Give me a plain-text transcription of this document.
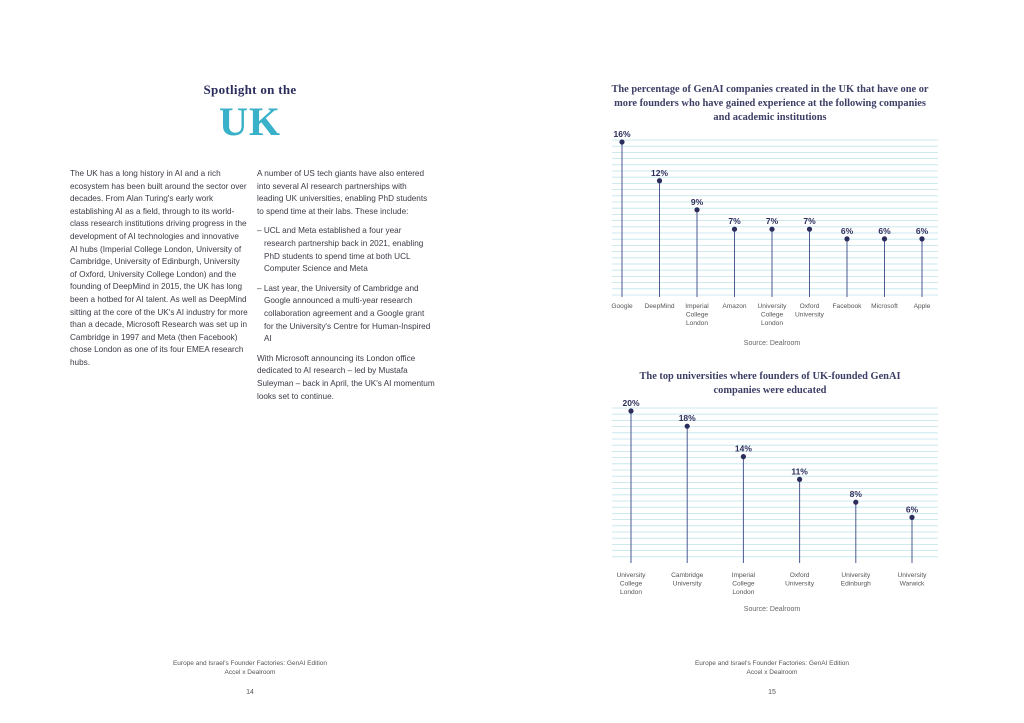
Spotlight on the
UK

The UK has a long history in AI and a rich ecosystem has been built around the sector over decades. From Alan Turing's early work establishing AI as a field, through to its world-class research institutions driving progress in the development of AI technologies and innovative AI hubs (Imperial College London, University of Cambridge, University of Edinburgh, University of Oxford, University College London) and the founding of DeepMind in 2015, the UK has long been a hotbed for AI talent. As well as DeepMind sitting at the core of the UK's AI industry for more than a decade, Microsoft Research was set up in Cambridge in 1997 and Meta (then Facebook) chose London as one of its four EMEA research hubs.

A number of US tech giants have also entered into several AI research partnerships with leading UK universities, enabling PhD students to spend time at their labs. These include:

– UCL and Meta established a four year research partnership back in 2021, enabling PhD students to spend time at both UCL Computer Science and Meta
– Last year, the University of Cambridge and Google announced a multi-year research collaboration agreement and a Google grant for the University's Centre for Human-Inspired AI

With Microsoft announcing its London office dedicated to AI research – led by Mustafa Suleyman – back in April, the UK's AI momentum looks set to continue.

Europe and Israel's Founder Factories: GenAI Edition
Accel x Dealroom
14
The percentage of GenAI companies created in the UK that have one or more founders who have gained experience at the following companies and academic institutions
16%
Google
12%
DeepMind
9%
Imperial College London
7%
Amazon
7%
University College London
7%
Oxford University
6%
Facebook
6%
Microsoft
6%
Apple
Source: Dealroom
The top universities where founders of UK-founded GenAI companies were educated
20%
University College London
18%
Cambridge University
14%
Imperial College London
11%
Oxford University
8%
University Edinburgh
6%
University Warwick
Source: Dealroom
Europe and Israel's Founder Factories: GenAI Edition
Accel x Dealroom
15
